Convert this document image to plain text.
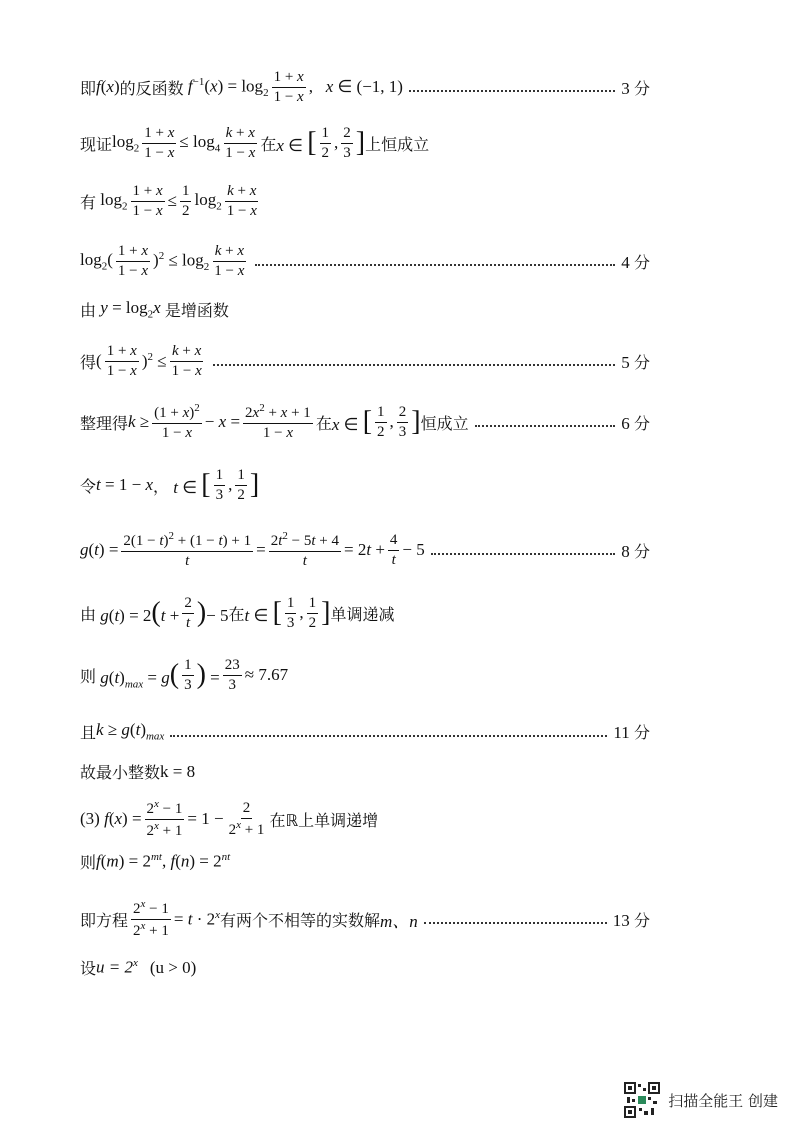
即 f(x) 的反函数 $f^{-1}(x) = \log_2 \frac{1 + x}{1 - x}$ ,   x ∈ (−1, 1)	3 分
现证 $\log_2 \frac{1 + x}{1 - x} \le \log_4 \frac{k + x}{1 - x}$ 在 x ∈ [ $\frac{1}{2}$ , $\frac{2}{3}$ ] 上恒成立
有 $\log_2 \frac{1 + x}{1 - x} \le \frac{1}{2} \log_2 \frac{k + x}{1 - x}$
$\log_2( \frac{1 + x}{1 - x} )^2 \le \log_2 \frac{k + x}{1 - x}$	4 分
由 $y = \log_2x$ 是增函数
得 ( $\frac{1 + x}{1 - x} )^2 \le \frac{k + x}{1 - x}$	5 分
整理得 $k \ge \frac{(1 + x)^2}{1 - x} - x = \frac{2x^2 + x + 1}{1 - x}$ 在 x ∈ [ $\frac{1}{2}$ , $\frac{2}{3}$ ] 恒成立	6 分
令 t = 1 − x ， t ∈ [ $\frac{1}{3}$ , $\frac{1}{2}$ ]
$g(t) = \frac{2(1 - t)^2 + (1 - t) + 1}{t} = \frac{2t^2 - 5t + 4}{t} = 2t + \frac{4}{t} - 5$	8 分
由 $g(t) = 2(t + \frac{2}{t}$ )− 5 在 t ∈ [ $\frac{1}{3}$ , $\frac{1}{2}$ ] 单调递减
则 $g(t)_{max} = g( \frac{1}{3}$ ) = $\frac{23}{3} \approx 7.67$
且 $k \ge g(t)_{max}$	11 分
故最小整数 k = 8
(3) $f(x) = \frac{2^x - 1}{2^x + 1} = 1 - \frac{2}{2^x + 1}$ 在ℝ上单调递增
则 $f(m) = 2^{mt}$, $f(n) = 2^{nt}$
即方程 $\frac{2^x - 1}{2^x + 1} = t \cdot 2^x$ 有两个不相等的实数解 m、n	13 分
设 $u = 2^x$ (u > 0)
扫描全能王 创建
